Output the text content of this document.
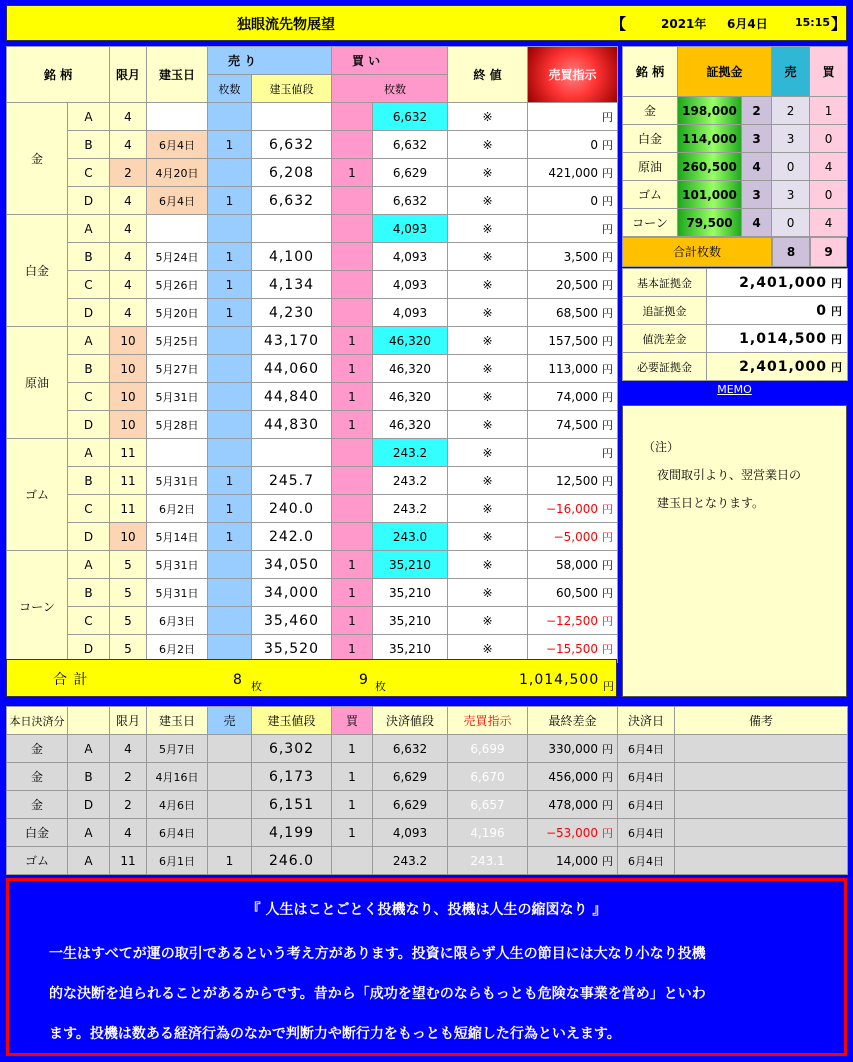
独眼流先物展望	【	2021年 6月4日 15:15 】
銘 柄		限月	建玉日	売 り		買 い		終 値	売買指示	
				枚数	建玉値段	枚数				
金	A	4					6,632	※	円	
	B	4	6月4日	1	6,632		6,632	※	0 円	
	C	2	4月20日		6,208	1	6,629	※	421,000 円	
	D	4	6月4日	1	6,632		6,632	※	0 円	
白金	A	4					4,093	※	円	
	B	4	5月24日	1	4,100		4,093	※	3,500 円	
	C	4	5月26日	1	4,134		4,093	※	20,500 円	
	D	4	5月20日	1	4,230		4,093	※	68,500 円	
原油	A	10	5月25日		43,170	1	46,320	※	157,500 円	
	B	10	5月27日		44,060	1	46,320	※	113,000 円	
	C	10	5月31日		44,840	1	46,320	※	74,000 円	
	D	10	5月28日		44,830	1	46,320	※	74,500 円	
ゴム	A	11					243.2	※	円	
	B	11	5月31日	1	245.7		243.2	※	12,500 円	
	C	11	6月2日	1	240.0		243.2	※	−16,000 円	
	D	10	5月14日	1	242.0		243.0	※	−5,000 円	
コーン	A	5	5月31日		34,050	1	35,210	※	58,000 円	
	B	5	5月31日		34,000	1	35,210	※	60,500 円	
	C	5	6月3日		35,460	1	35,210	※	−12,500 円	
	D	5	6月2日		35,520	1	35,210	※	−15,500 円	
合 計	8 枚	9 枚	1,014,500 円
銘 柄	証拠金		売	買
金	198,000	2	2	1
白金	114,000	3	3	0
原油	260,500	4	0	4
ゴム	101,000	3	3	0
コーン	79,500	4	0	4
合計枚数	8	9
基本証拠金	2,401,000 円
追証拠金	0 円
値洗差金	1,014,500 円
必要証拠金	2,401,000 円
MEMO
（注）
夜間取引より、翌営業日の
建玉日となります。
本日決済分		限月	建玉日	売	建玉値段	買	決済値段	売買指示	最終差金	決済日	備考
金	A	4	5月7日		6,302	1	6,632	6,699	330,000 円	6月4日	
金	B	2	4月16日		6,173	1	6,629	6,670	456,000 円	6月4日	
金	D	2	4月6日		6,151	1	6,629	6,657	478,000 円	6月4日	
白金	A	4	6月4日		4,199	1	4,093	4,196	−53,000 円	6月4日	
ゴム	A	11	6月1日	1	246.0		243.2	243.1	14,000 円	6月4日	
『 人生はことごとく投機なり、投機は人生の縮図なり 』
一生はすべてが運の取引であるという考え方があります。投資に限らず人生の節目には大なり小なり投機
的な決断を迫られることがあるからです。昔から「成功を望むのならもっとも危険な事業を営め」といわ
ます。投機は数ある経済行為のなかで判断力や断行力をもっとも短縮した行為といえます。
